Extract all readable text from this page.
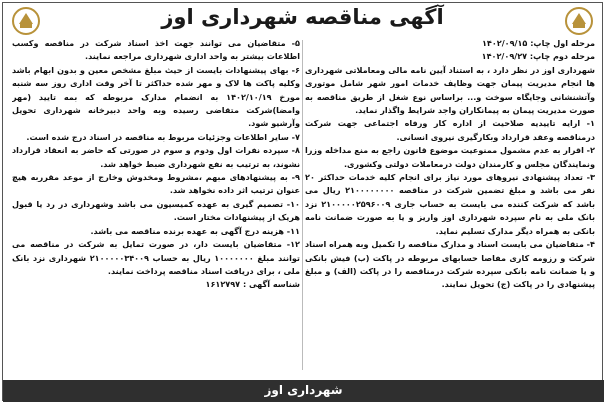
آگهی مناقصه شهرداری اوز

مرحله اول چاپ: ۱۴۰۲/۰۹/۱۵

مرحله دوم چاپ: ۱۴۰۲/۰۹/۲۷

شهرداری اوز در نظر دارد ، به استناد آیین نامه مالی ومعاملاتی شهرداری ها انجام مدیریت پیمان جهت وظایف خدمات امور شهر شامل موتوری وآتشنشانی وجایگاه سوخت و... براساس نوع شغل از طریق مناقصه به صورت مدیریت پیمان به پیمانکاران واجد شرایط واگذار نماید.

۱- ارایه تاییدیه صلاحیت از اداره کار ورفاه اجتماعی جهت شرکت درمناقصه وعقد قرارداد وبکارگیری نیروی انسانی.

۲- اقرار به عدم مشمول ممنوعیت موضوع قانون راجع به منع مداخله وزرا ونمایندگان مجلس و کارمندان دولت درمعاملات دولتی وکشوری.

۳- تعداد پیشنهادی نیروهای مورد نیاز برای انجام کلیه خدمات حداکثر ۲۰ نفر می باشد و مبلغ تضمین شرکت در مناقصه ۲۱۰۰۰۰۰۰۰۰ ریال می باشد که شرکت کننده می بایست به حساب جاری ۲۱۰۰۰۰۰۲۵۹۶۰۰۹ نزد بانک ملی به نام سپرده شهرداری اوز واریز و یا به صورت ضمانت نامه بانکی به همراه دیگر مدارک تسلیم نماید.

۴- متقاضیان می بایست اسناد و مدارک مناقصه را تکمیل وبه همراه اسناد شرکت و رزومه کاری مفاصا حسابهای مربوطه در پاکت (ب) فیش بانکی و یا ضمانت نامه بانکی سپرده شرکت درمناقصه را در پاکت (الف) و مبلغ پیشنهادی را در پاکت (ج) تحویل نمایند.

۵- متقاضیان می توانند جهت اخذ اسناد شرکت در مناقصه وکسب اطلاعات بیشتر به واحد اداری شهرداری مراجعه نمایند.

۶- بهای پیشنهادات بایست از حیث مبلغ مشخص معین و بدون ابهام باشد وکلیه پاکت ها لاک و مهر شده حداکثر تا آخر وقت اداری روز سه شنبه مورخ ۱۴۰۲/۱۰/۱۹ به انضمام مدارک مربوطه که بمه تایید (مهر وامضا)شرکت متقاضی رسیده وبه واحد دبیرخانه شهرداری تحویل وآرشیو شود.

۷- سایر اطلاعات وجزئیات مربوط به مناقصه در اسناد درج شده است.

۸- سپرده نفرات اول ودوم و سوم در صورتی که حاضر به انعقاد قرارداد نشوند، به ترتیب به نفع شهرداری ضبط خواهد شد.

۹- به پیشنهادهای مبهم ،مشروط ومخدوش وخارج از موعد مقرربه هیچ عنوان ترتیب اثر داده نخواهد شد.

۱۰- تصمیم گیری به عهده کمیسیون می باشد وشهرداری در رد یا قبول هریک از پیشنهادات مختار است.

۱۱- هزینه درج آگهی به عهده برنده مناقصه می باشد.

۱۲- متقاضیان بایست دار، در صورت تمایل به شرکت در مناقصه می توانند مبلغ ۱۰۰۰۰۰۰۰ ریال به حساب ۲۱۰۰۰۰۰۳۴۰۰۹ شهرداری نزد بانک ملی ، برای دریافت اسناد مناقصه پرداخت نمایند.

شناسه آگهی : ۱۶۱۲۷۹۷

شهرداری اوز
